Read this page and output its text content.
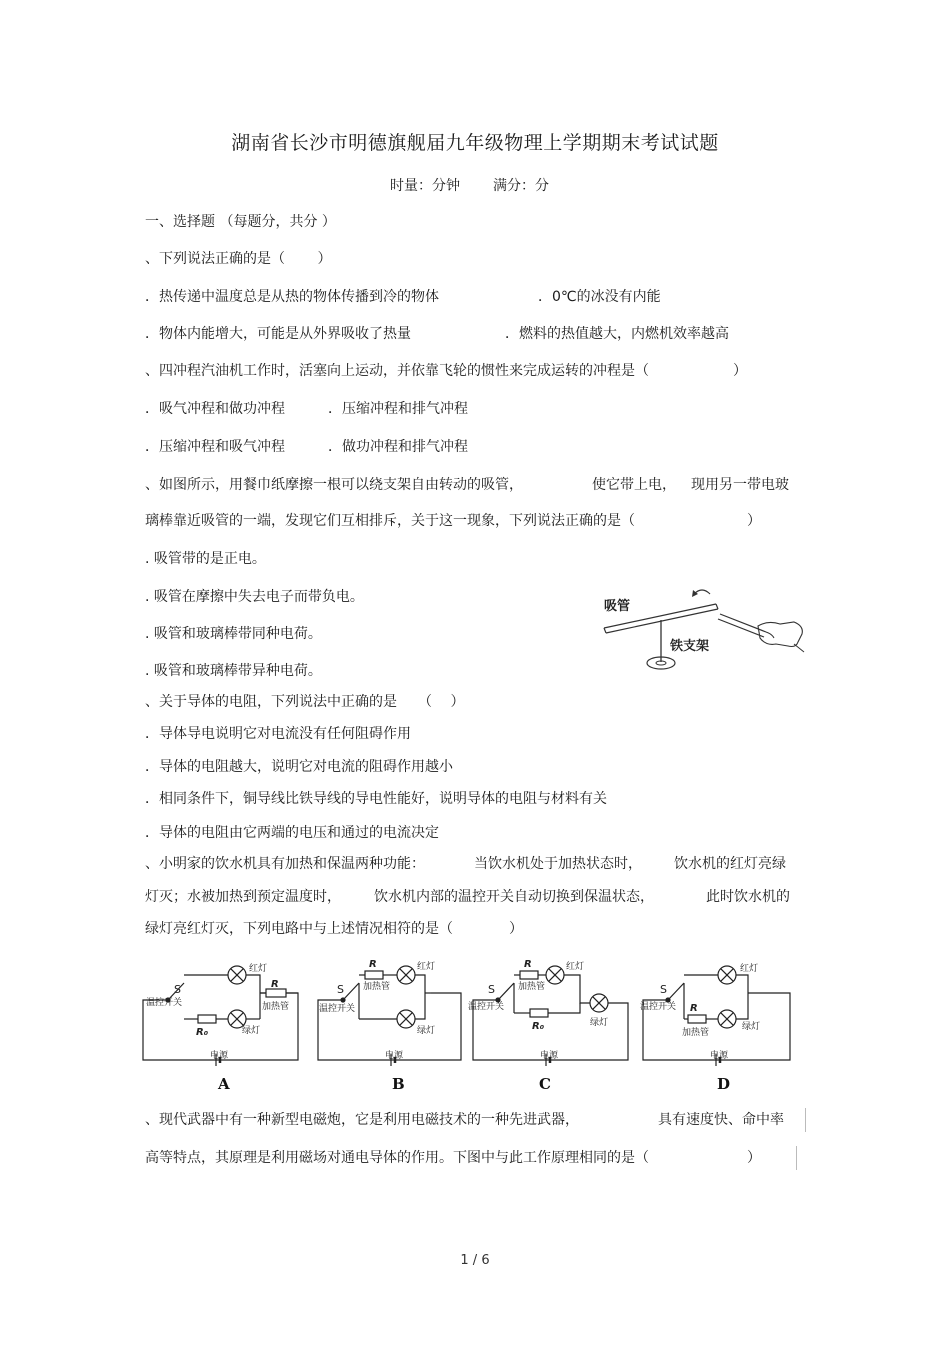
湖南省长沙市明德旗舰届九年级物理上学期期末考试试题
时量：分钟 满分：分
一、选择题 （每题分，共分 ）
、下列说法正确的是（　　 ）
．热传递中温度总是从热的物体传播到冷的物体	．0℃的冰没有内能
．物体内能增大，可能是从外界吸收了热量	．燃料的热值越大，内燃机效率越高
、四冲程汽油机工作时，活塞向上运动，并依靠飞轮的惯性来完成运转的冲程是（　　　　　　）
．吸气冲程和做功冲程	．压缩冲程和排气冲程
．压缩冲程和吸气冲程	．做功冲程和排气冲程
、如图所示，用餐巾纸摩擦一根可以绕支架自由转动的吸管，	使它带上电， 现用另一带电玻
璃棒靠近吸管的一端，发现它们互相排斥，关于这一现象，下列说法正确的是（　　　　　　　　）
. 吸管带的是正电。
. 吸管在摩擦中失去电子而带负电。
. 吸管和玻璃棒带同种电荷。
. 吸管和玻璃棒带异种电荷。
吸管
铁支架
、关于导体的电阻，下列说法中正确的是　　（　 ）
．导体导电说明它对电流没有任何阻碍作用
．导体的电阻越大，说明它对电流的阻碍作用越小
．相同条件下，铜导线比铁导线的导电性能好，说明导体的电阻与材料有关
．导体的电阻由它两端的电压和通过的电流决定
、小明家的饮水机具有加热和保温两种功能：	当饮水机处于加热状态时， 饮水机的红灯亮绿
灯灭；水被加热到预定温度时， 饮水机内部的温控开关自动切换到保温状态，	此时饮水机的
绿灯亮红灯灭，下列电路中与上述情况相符的是（　　　　）
S
温控开关
红灯
绿灯
R
加热管
R₀
电源
S
温控开关
R
加热管
红灯
绿灯
电源
S
温控开关
R
加热管
红灯
R₀	绿灯
电源
S
温控开关
红灯
R
加热管
绿灯
电源
A	B	C	D
、现代武器中有一种新型电磁炮，它是利用电磁技术的一种先进武器，	具有速度快、命中率
高等特点，其原理是利用磁场对通电导体的作用。下图中与此工作原理相同的是（　　　　　　　）
1 / 6
